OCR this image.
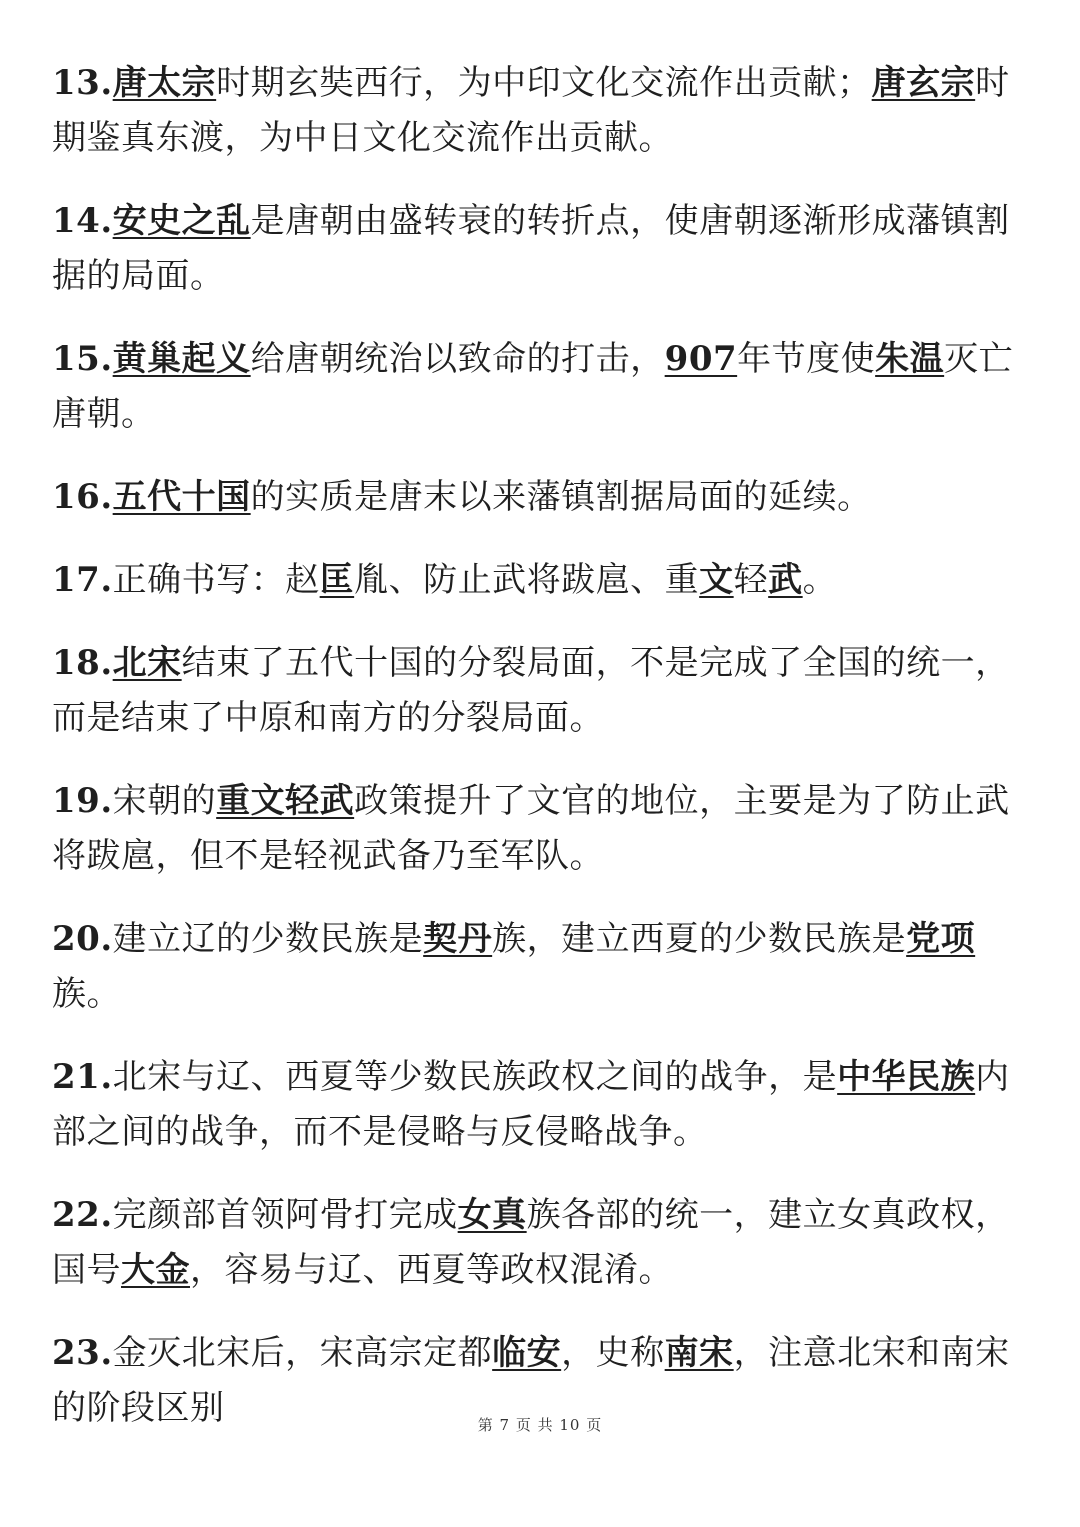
13.唐太宗时期玄奘西行，为中印文化交流作出贡献；唐玄宗时期鉴真东渡，为中日文化交流作出贡献。
14.安史之乱是唐朝由盛转衰的转折点，使唐朝逐渐形成藩镇割据的局面。
15.黄巢起义给唐朝统治以致命的打击，907年节度使朱温灭亡唐朝。
16.五代十国的实质是唐末以来藩镇割据局面的延续。
17.正确书写：赵匡胤、防止武将跋扈、重文轻武。
18.北宋结束了五代十国的分裂局面，不是完成了全国的统一，而是结束了中原和南方的分裂局面。
19.宋朝的重文轻武政策提升了文官的地位，主要是为了防止武将跋扈，但不是轻视武备乃至军队。
20.建立辽的少数民族是契丹族，建立西夏的少数民族是党项族。
21.北宋与辽、西夏等少数民族政权之间的战争，是中华民族内部之间的战争，而不是侵略与反侵略战争。
22.完颜部首领阿骨打完成女真族各部的统一，建立女真政权，国号大金，容易与辽、西夏等政权混淆。
23.金灭北宋后，宋高宗定都临安，史称南宋，注意北宋和南宋的阶段区别	第 7 页 共 10 页
